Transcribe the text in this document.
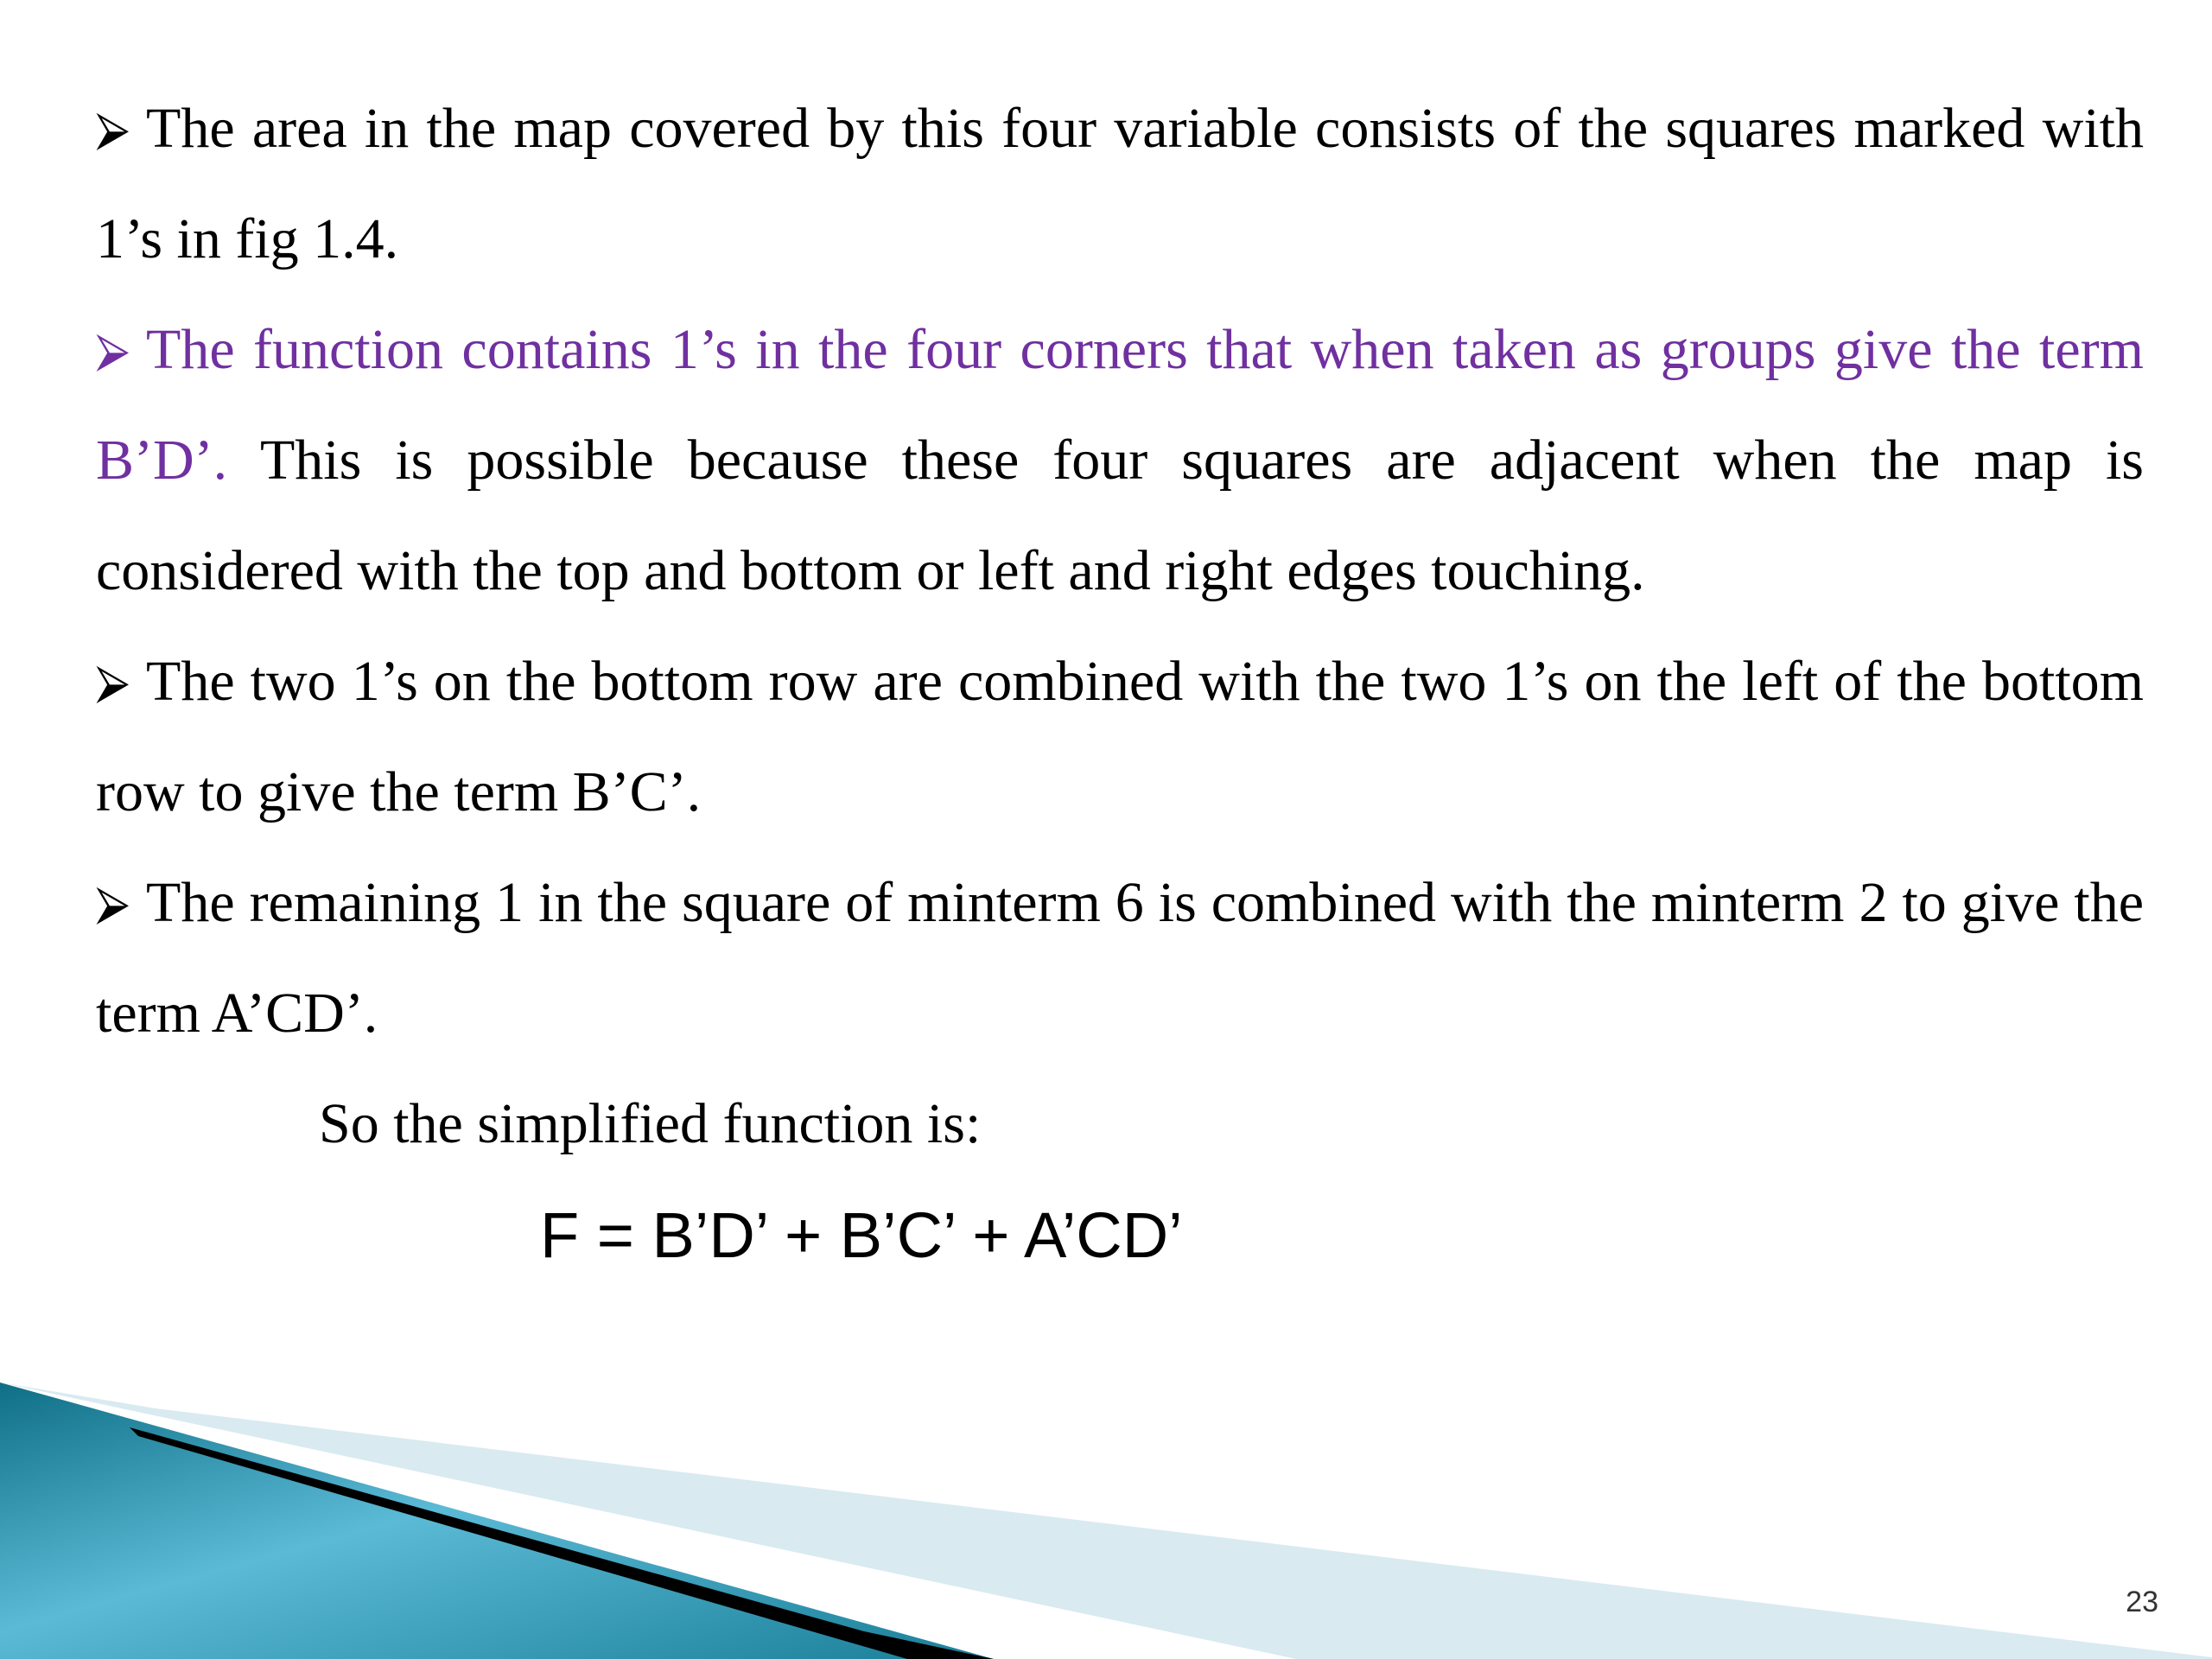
⮚ The area in the map covered by this four variable consists of the squares marked with 1’s in fig 1.4.

⮚ The function contains 1’s in the four corners that when taken as groups give the term B’D’. This is possible because these four squares are adjacent when the map is considered with the top and bottom or left and right edges touching.

⮚ The two 1’s on the bottom row are combined with the two 1’s on the left of the bottom row to give the term B’C’.

⮚ The remaining 1 in the square of minterm 6 is combined with the minterm 2 to give the term A’CD’.

So the simplified function is:

F = B’D’ + B’C’ + A’CD’
23
